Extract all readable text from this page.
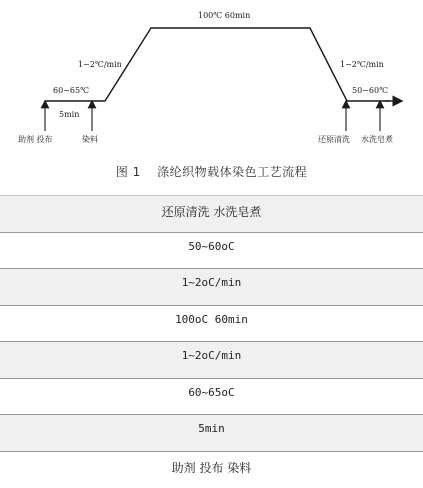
100℃ 60min
1~2℃/min	1~2℃/min
60~65℃	50~60℃
5min
助剂 投布	染料	还原清洗 水洗皂煮
图 1 涤纶织物载体染色工艺流程
还原清洗 水洗皂煮
50~60oC
1~2oC/min
100oC 60min
1~2oC/min
60~65oC
5min
助剂 投布 染料
